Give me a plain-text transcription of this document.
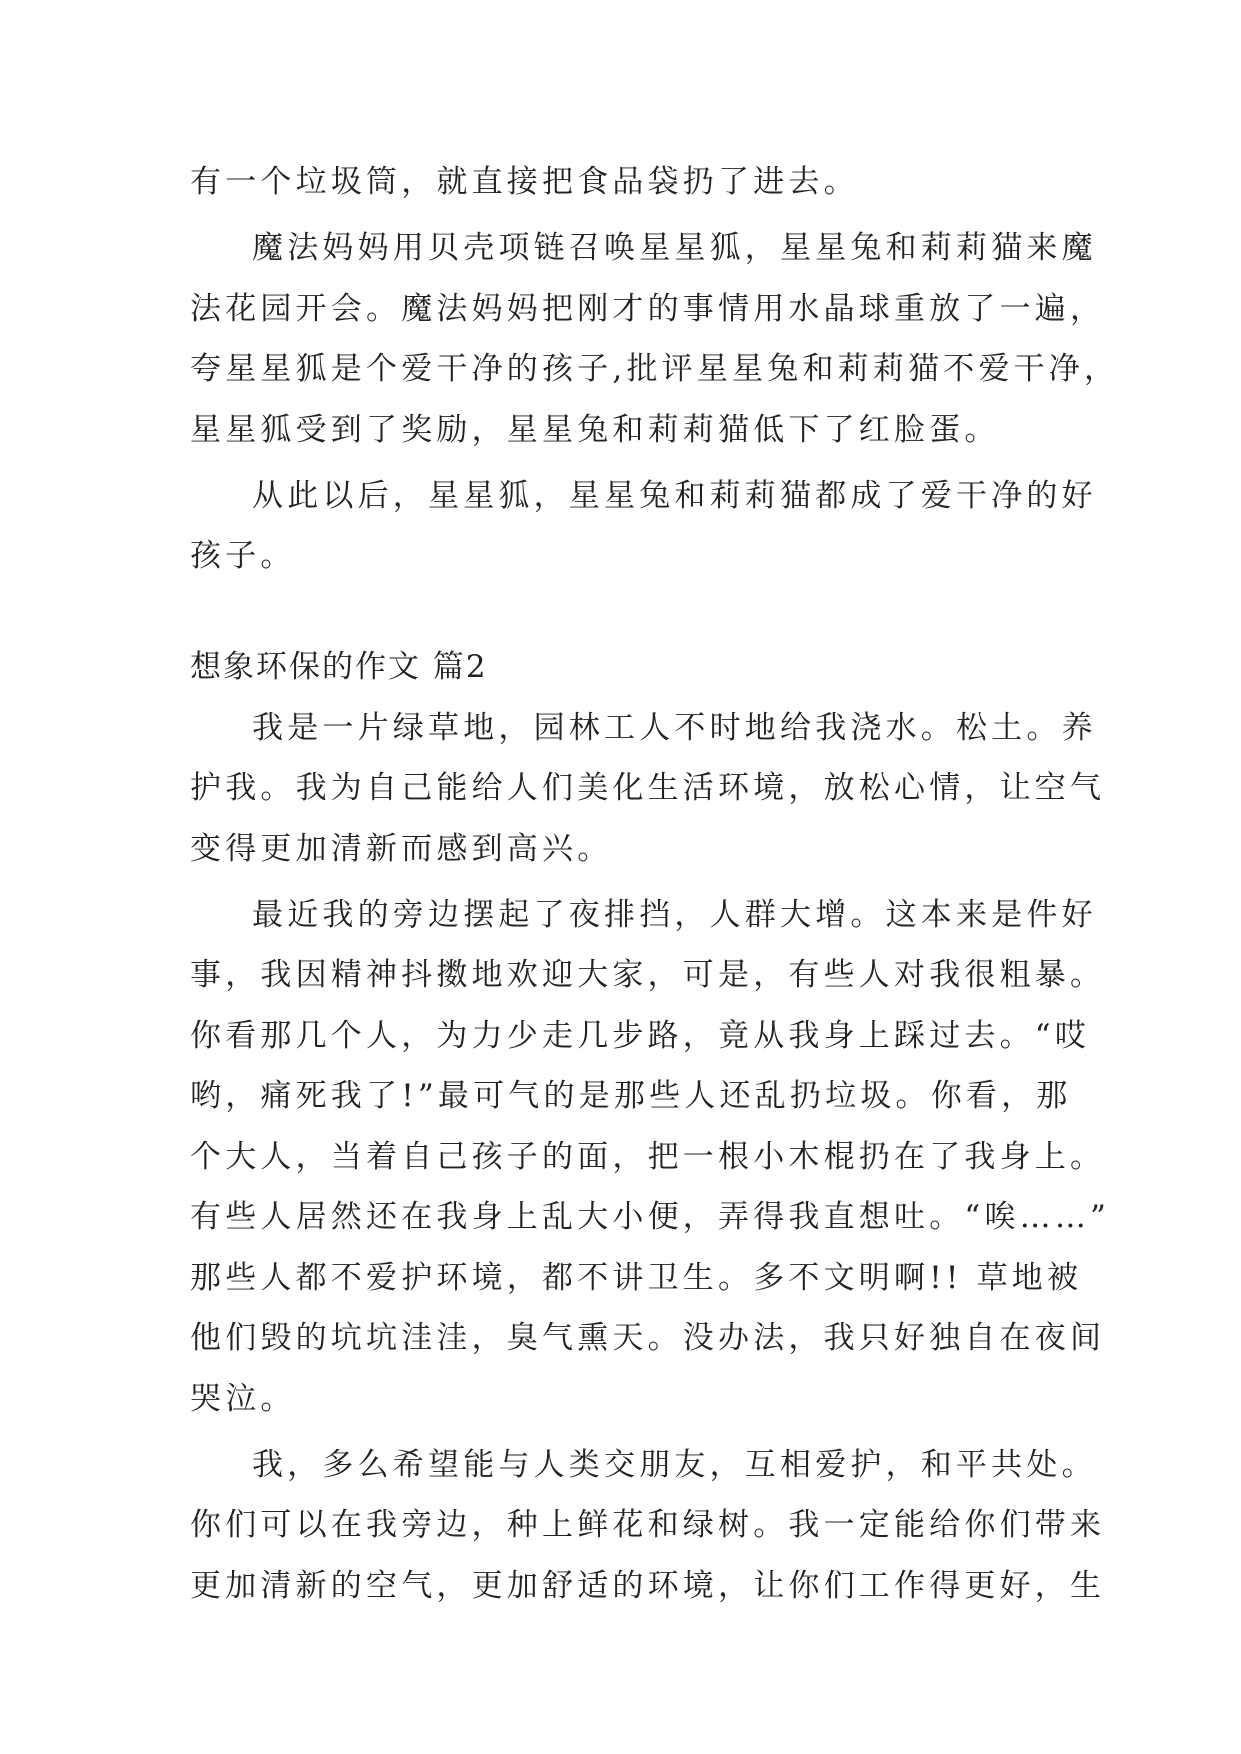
有一个垃圾筒，就直接把食品袋扔了进去。
魔法妈妈用贝壳项链召唤星星狐，星星兔和莉莉猫来魔
法花园开会。魔法妈妈把刚才的事情用水晶球重放了一遍，
夸星星狐是个爱干净的孩子,批评星星兔和莉莉猫不爱干净，
星星狐受到了奖励，星星兔和莉莉猫低下了红脸蛋。
从此以后，星星狐，星星兔和莉莉猫都成了爱干净的好
孩子。
想象环保的作文 篇2
我是一片绿草地，园林工人不时地给我浇水。松土。养
护我。我为自己能给人们美化生活环境，放松心情，让空气
变得更加清新而感到高兴。
最近我的旁边摆起了夜排挡，人群大增。这本来是件好
事，我因精神抖擞地欢迎大家，可是，有些人对我很粗暴。
你看那几个人，为力少走几步路，竟从我身上踩过去。“哎
哟，痛死我了!”最可气的是那些人还乱扔垃圾。你看，那
个大人，当着自己孩子的面，把一根小木棍扔在了我身上。
有些人居然还在我身上乱大小便，弄得我直想吐。“唉……”
那些人都不爱护环境，都不讲卫生。多不文明啊!! 草地被
他们毁的坑坑洼洼，臭气熏天。没办法，我只好独自在夜间
哭泣。
我，多么希望能与人类交朋友，互相爱护，和平共处。
你们可以在我旁边，种上鲜花和绿树。我一定能给你们带来
更加清新的空气，更加舒适的环境，让你们工作得更好，生
